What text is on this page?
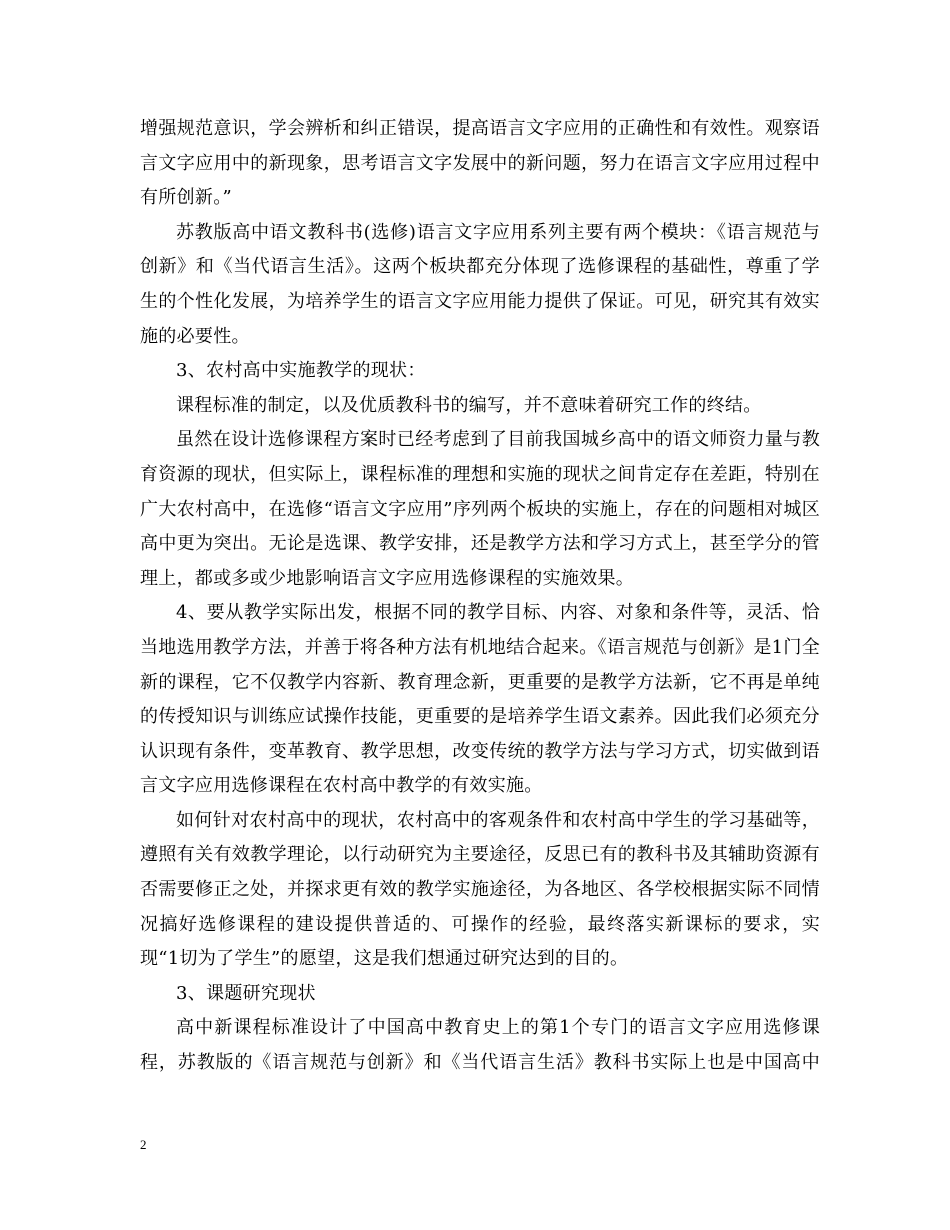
增强规范意识，学会辨析和纠正错误，提高语言文字应用的正确性和有效性。观察语言文字应用中的新现象，思考语言文字发展中的新问题，努力在语言文字应用过程中有所创新。”

苏教版高中语文教科书(选修)语言文字应用系列主要有两个模块：《语言规范与创新》和《当代语言生活》。这两个板块都充分体现了选修课程的基础性，尊重了学生的个性化发展，为培养学生的语言文字应用能力提供了保证。可见，研究其有效实施的必要性。

3、农村高中实施教学的现状：

课程标准的制定，以及优质教科书的编写，并不意味着研究工作的终结。

虽然在设计选修课程方案时已经考虑到了目前我国城乡高中的语文师资力量与教育资源的现状，但实际上，课程标准的理想和实施的现状之间肯定存在差距，特别在广大农村高中，在选修“语言文字应用”序列两个板块的实施上，存在的问题相对城区高中更为突出。无论是选课、教学安排，还是教学方法和学习方式上，甚至学分的管理上，都或多或少地影响语言文字应用选修课程的实施效果。

4、要从教学实际出发，根据不同的教学目标、内容、对象和条件等，灵活、恰当地选用教学方法，并善于将各种方法有机地结合起来。《语言规范与创新》是1门全新的课程，它不仅教学内容新、教育理念新，更重要的是教学方法新，它不再是单纯的传授知识与训练应试操作技能，更重要的是培养学生语文素养。因此我们必须充分认识现有条件，变革教育、教学思想，改变传统的教学方法与学习方式，切实做到语言文字应用选修课程在农村高中教学的有效实施。

如何针对农村高中的现状，农村高中的客观条件和农村高中学生的学习基础等，遵照有关有效教学理论，以行动研究为主要途径，反思已有的教科书及其辅助资源有否需要修正之处，并探求更有效的教学实施途径，为各地区、各学校根据实际不同情况搞好选修课程的建设提供普适的、可操作的经验，最终落实新课标的要求，实现“1切为了学生”的愿望，这是我们想通过研究达到的目的。

3、课题研究现状

高中新课程标准设计了中国高中教育史上的第1个专门的语言文字应用选修课程，苏教版的《语言规范与创新》和《当代语言生活》教科书实际上也是中国高中

2
